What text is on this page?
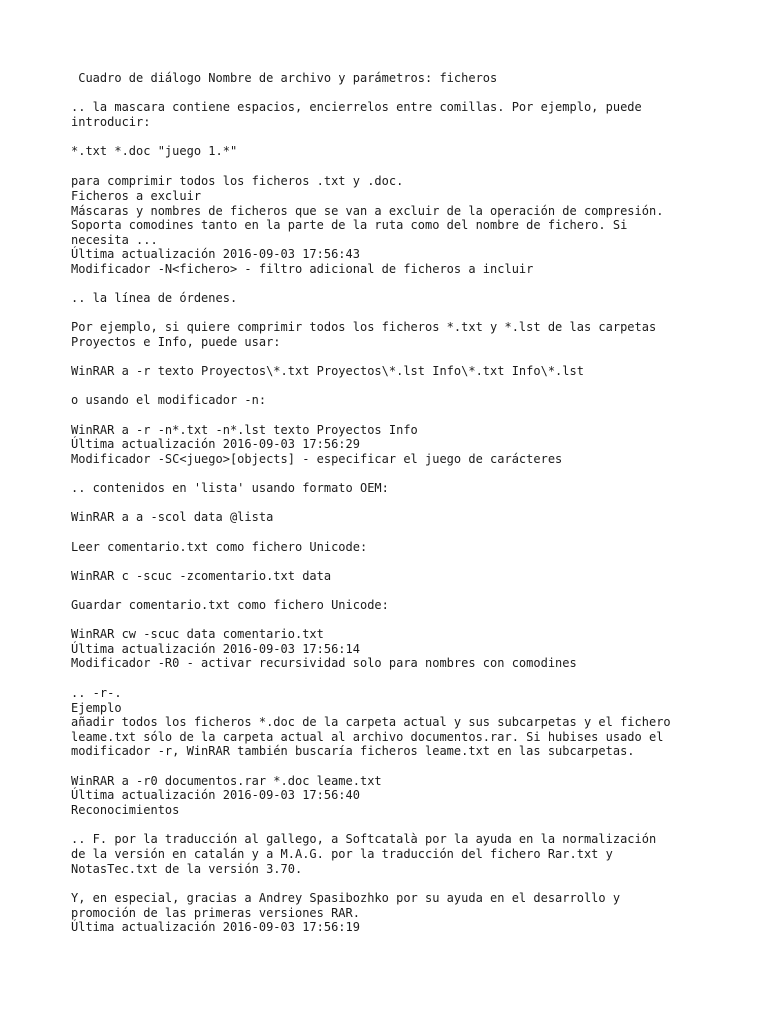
Cuadro de diálogo Nombre de archivo y parámetros: ficheros

.. la mascara contiene espacios, encierrelos entre comillas. Por ejemplo, puede

introducir:

*.txt *.doc "juego 1.*"

para comprimir todos los ficheros .txt y .doc.

Ficheros a excluir

Máscaras y nombres de ficheros que se van a excluir de la operación de compresión.

Soporta comodines tanto en la parte de la ruta como del nombre de fichero. Si

necesita ...

Última actualización 2016-09-03 17:56:43

Modificador -N<fichero> - filtro adicional de ficheros a incluir

.. la línea de órdenes.

Por ejemplo, si quiere comprimir todos los ficheros *.txt y *.lst de las carpetas

Proyectos e Info, puede usar:

WinRAR a -r texto Proyectos\*.txt Proyectos\*.lst Info\*.txt Info\*.lst

o usando el modificador -n:

WinRAR a -r -n*.txt -n*.lst texto Proyectos Info

Última actualización 2016-09-03 17:56:29

Modificador -SC<juego>[objects] - especificar el juego de carácteres

.. contenidos en 'lista' usando formato OEM:

WinRAR a a -scol data @lista

Leer comentario.txt como fichero Unicode:

WinRAR c -scuc -zcomentario.txt data

Guardar comentario.txt como fichero Unicode:

WinRAR cw -scuc data comentario.txt

Última actualización 2016-09-03 17:56:14

Modificador -R0 - activar recursividad solo para nombres con comodines

.. -r-.

Ejemplo

añadir todos los ficheros *.doc de la carpeta actual y sus subcarpetas y el fichero

leame.txt sólo de la carpeta actual al archivo documentos.rar. Si hubises usado el

modificador -r, WinRAR también buscaría ficheros leame.txt en las subcarpetas.

WinRAR a -r0 documentos.rar *.doc leame.txt

Última actualización 2016-09-03 17:56:40

Reconocimientos

.. F. por la traducción al gallego, a Softcatalà por la ayuda en la normalización

de la versión en catalán y a M.A.G. por la traducción del fichero Rar.txt y

NotasTec.txt de la versión 3.70.

Y, en especial, gracias a Andrey Spasibozhko por su ayuda en el desarrollo y

promoción de las primeras versiones RAR.

Última actualización 2016-09-03 17:56:19
